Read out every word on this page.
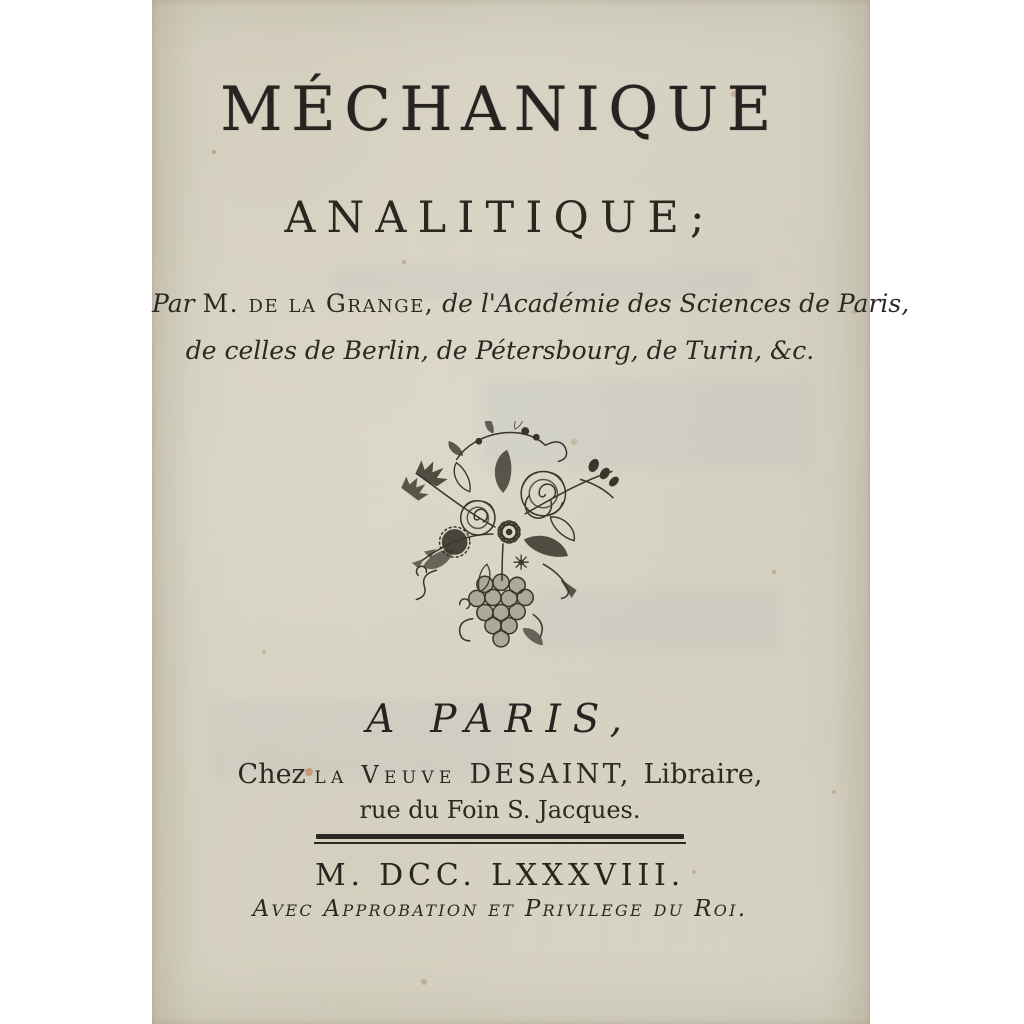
MÉCHANIQUE
ANALITIQUE;
Par M. de la Grange, de l'Académie des Sciences de Paris,
de celles de Berlin, de Pétersbourg, de Turin, &c.
A PARIS,
Chez la Veuve DESAINT, Libraire,
rue du Foin S. Jacques.
M. DCC. LXXXVIII.
Avec Approbation et Privilege du Roi.
